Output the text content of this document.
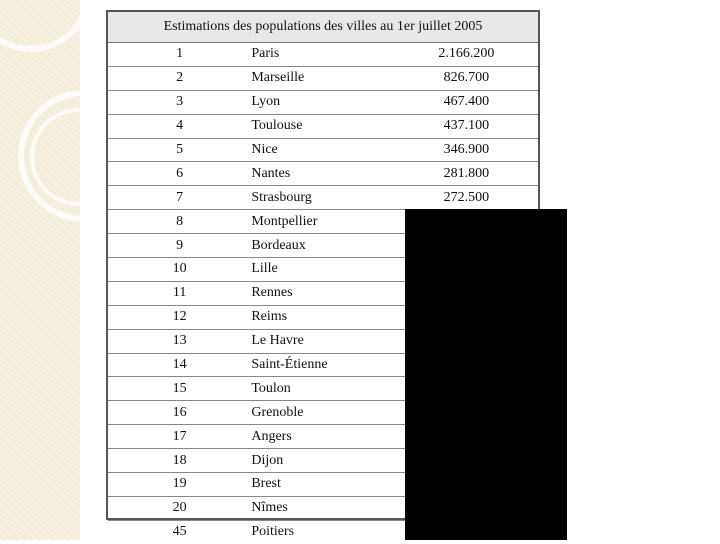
Estimations des populations des villes au 1er juillet 2005		
1	Paris	2.166.200
2	Marseille	826.700
3	Lyon	467.400
4	Toulouse	437.100
5	Nice	346.900
6	Nantes	281.800
7	Strasbourg	272.500
8	Montpellier	
9	Bordeaux	
10	Lille	
11	Rennes	
12	Reims	
13	Le Havre	
14	Saint-Étienne	
15	Toulon	
16	Grenoble	
17	Angers	
18	Dijon	
19	Brest	
20	Nîmes	
45	Poitiers	
